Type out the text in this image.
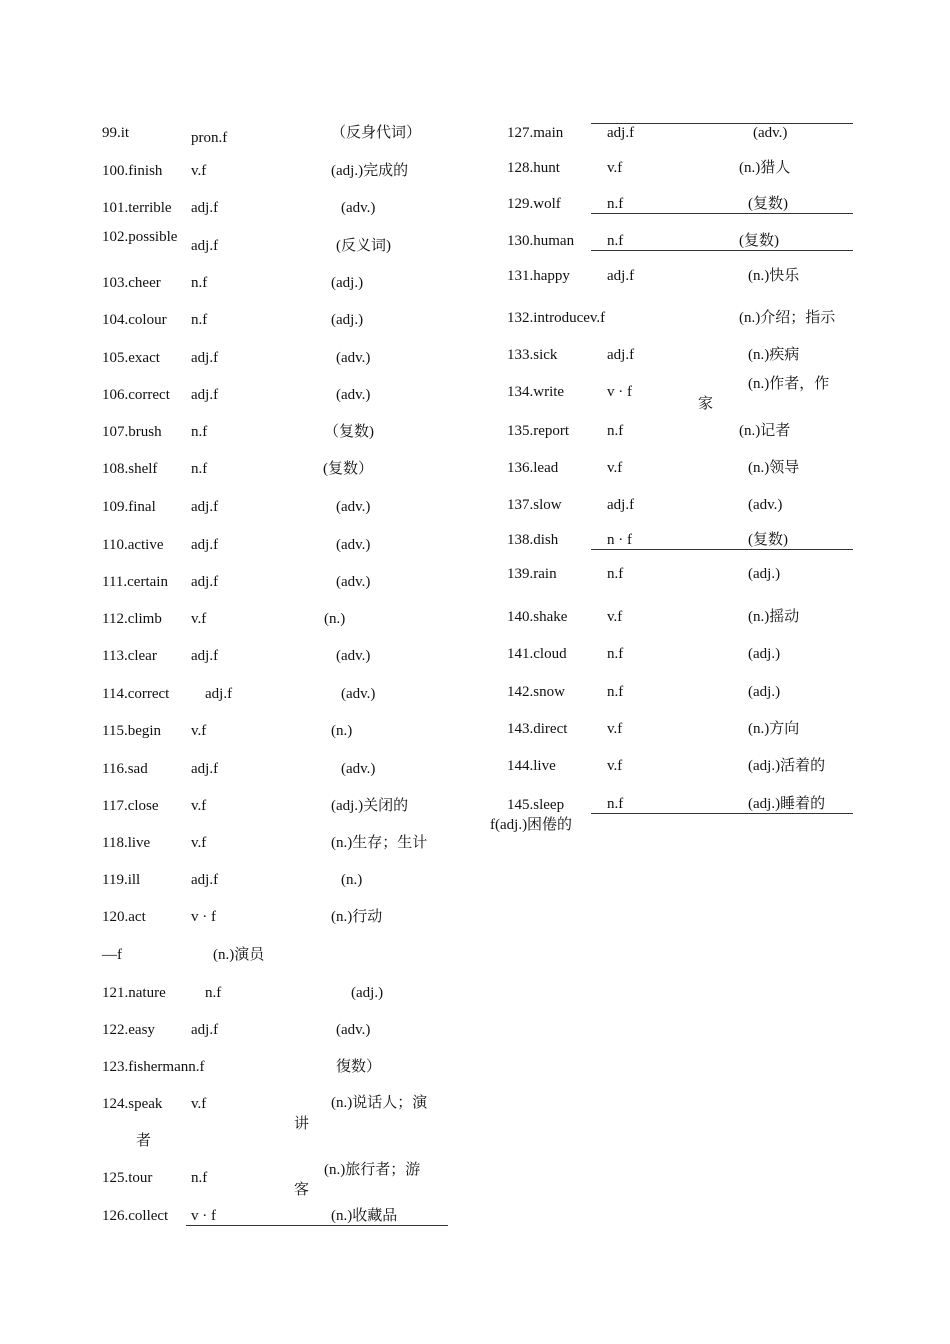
99.it	pron.f	（反身代词）
100.finish v.f	(adj.)完成的
101.terrible adj.f	(adv.)
102.possible
adj.f	(反义词)
103.cheer n.f	(adj.)
104.colour n.f	(adj.)
105.exact adj.f	(adv.)
106.correct adj.f	(adv.)
107.brush n.f	（复数)
108.shelf n.f	(复数）
109.final adj.f	(adv.)
110.active adj.f	(adv.)
111.certain adj.f	(adv.)
112.climb v.f	(n.)
113.clear adj.f	(adv.)
114.correct adj.f	(adv.)
115.begin v.f	(n.)
116.sad	adj.f	(adv.)
117.close v.f	(adj.)关闭的
118.live	v.f	(n.)生存；生计
119.ill	adj.f	(n.)
120.act	v · f	(n.)行动
—f	(n.)演员
121.nature	n.f	(adj.)
122.easy adj.f	(adv.)
123.fishermann.f	復数）
124.speak v.f	(n.)说话人；演
讲
者
125.tour	n.f	(n.)旅行者；游
客
126.collect v · f	(n.)收藏品
127.main	adj.f	(adv.)
128.hunt	v.f	(n.)猎人
129.wolf	n.f	(复数)
130.human n.f	(复数)
131.happy adj.f	(n.)快乐
132.introducev.f	(n.)介绍；指示
133.sick	adj.f	(n.)疾病
134.write	v · f	(n.)作者，作
家
135.report	n.f	(n.)记者
136.lead	v.f	(n.)领导
137.slow	adj.f	(adv.)
138.dish	n · f	(复数)
139.rain	n.f	(adj.)
140.shake	v.f	(n.)摇动
141.cloud	n.f	(adj.)
142.snow	n.f	(adj.)
143.direct	v.f	(n.)方向
144.live	v.f	(adj.)活着的
145.sleep	n.f	(adj.)睡着的
f(adj.)困倦的
